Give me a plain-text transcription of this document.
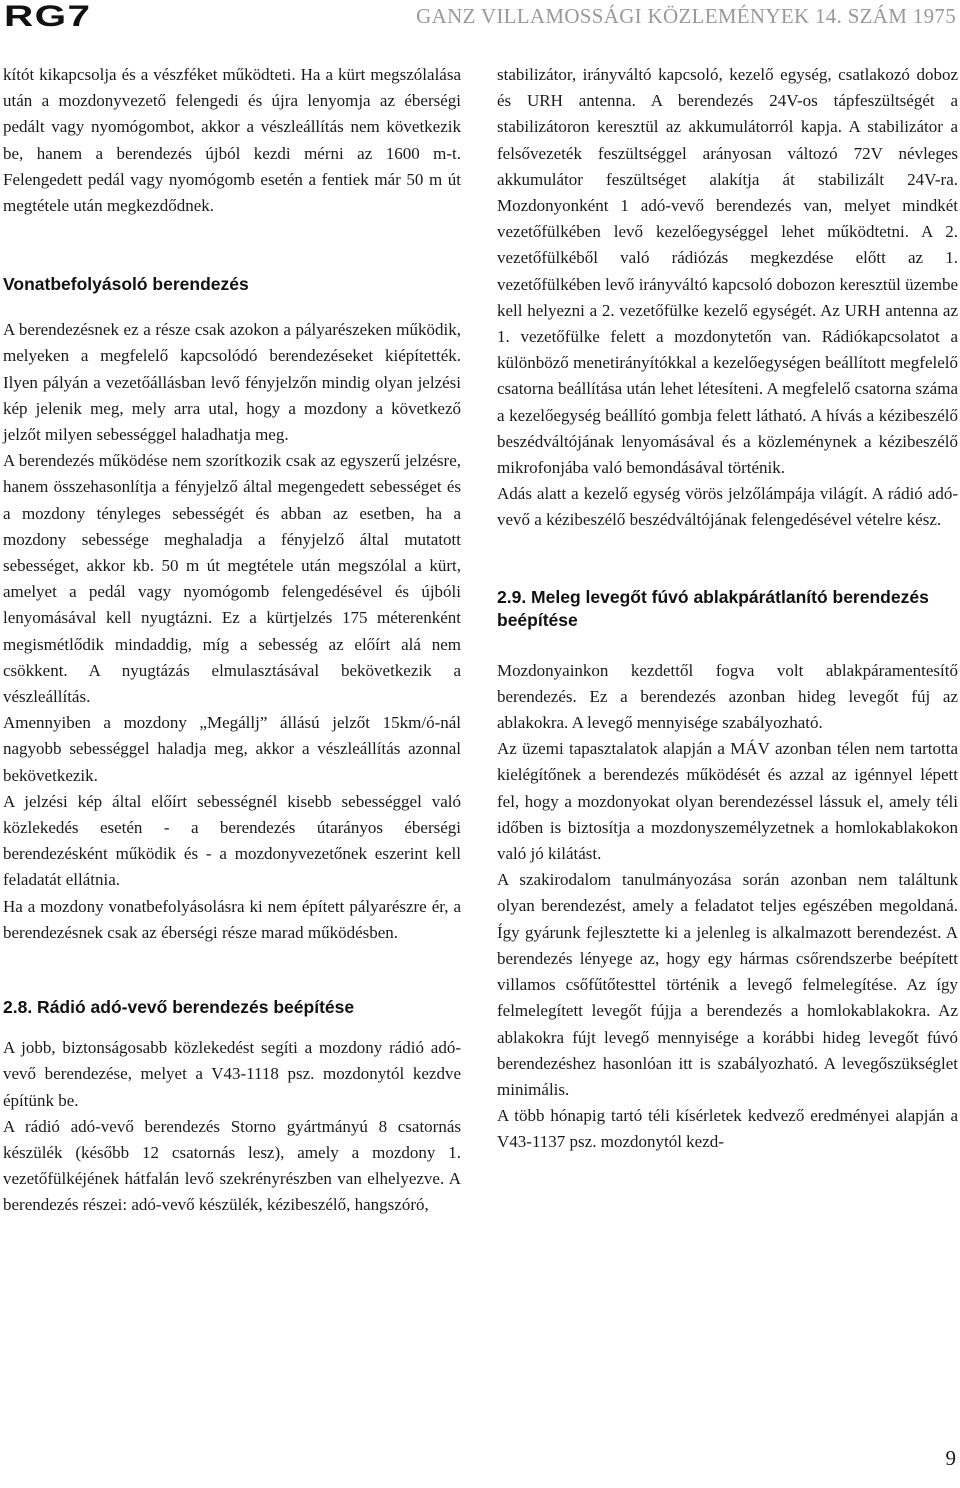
RG7	GANZ VILLAMOSSÁGI KÖZLEMÉNYEK 14. SZÁM 1975

kítót kikapcsolja és a vészféket működteti. Ha a kürt megszólalása után a mozdonyvezető felengedi és újra lenyomja az éberségi pedált vagy nyomógombot, akkor a vészleállítás nem következik be, hanem a berendezés újból kezdi mérni az 1600 m-t. Felengedett pedál vagy nyomógomb esetén a fentiek már 50 m út megtétele után megkezdődnek.

Vonatbefolyásoló berendezés

A berendezésnek ez a része csak azokon a pályarészeken működik, melyeken a megfelelő kapcsolódó berendezéseket kiépítették. Ilyen pályán a vezetőállásban levő fényjelzőn mindig olyan jelzési kép jelenik meg, mely arra utal, hogy a mozdony a következő jelzőt milyen sebességgel haladhatja meg.

A berendezés működése nem szorítkozik csak az egyszerű jelzésre, hanem összehasonlítja a fényjelző által megengedett sebességet és a mozdony tényleges sebességét és abban az esetben, ha a mozdony sebessége meghaladja a fényjelző által mutatott sebességet, akkor kb. 50 m út megtétele után megszólal a kürt, amelyet a pedál vagy nyomógomb felengedésével és újbóli lenyomásával kell nyugtázni. Ez a kürtjelzés 175 méterenként megismétlődik mindaddig, míg a sebesség az előírt alá nem csökkent. A nyugtázás elmulasztásával bekövetkezik a vészleállítás.

Amennyiben a mozdony „Megállj” állású jelzőt 15km/ó-nál nagyobb sebességgel haladja meg, akkor a vészleállítás azonnal bekövetkezik.

A jelzési kép által előírt sebességnél kisebb sebességgel való közlekedés esetén - a berendezés útarányos éberségi berendezésként működik és - a mozdonyvezetőnek eszerint kell feladatát ellátnia.

Ha a mozdony vonatbefolyásolásra ki nem épített pályarészre ér, a berendezésnek csak az éberségi része marad működésben.

2.8. Rádió adó-vevő berendezés beépítése

A jobb, biztonságosabb közlekedést segíti a mozdony rádió adó-vevő berendezése, melyet a V43-1118 psz. mozdonytól kezdve építünk be.

A rádió adó-vevő berendezés Storno gyártmányú 8 csatornás készülék (később 12 csatornás lesz), amely a mozdony 1. vezetőfülkéjének hátfalán levő szekrényrészben van elhelyezve. A berendezés részei: adó-vevő készülék, kézibeszélő, hangszóró,

stabilizátor, irányváltó kapcsoló, kezelő egység, csatlakozó doboz és URH antenna. A berendezés 24V-os tápfeszültségét a stabilizátoron keresztül az akkumulátorról kapja. A stabilizátor a felsővezeték feszültséggel arányosan változó 72V névleges akkumulátor feszültséget alakítja át stabilizált 24V-ra. Mozdonyonként 1 adó-vevő berendezés van, melyet mindkét vezetőfülkében levő kezelőegységgel lehet működtetni. A 2. vezetőfülkéből való rádiózás megkezdése előtt az 1. vezetőfülkében levő irányváltó kapcsoló dobozon keresztül üzembe kell helyezni a 2. vezetőfülke kezelő egységét. Az URH antenna az 1. vezetőfülke felett a mozdonytetőn van. Rádiókapcsolatot a különböző menetirányítókkal a kezelőegységen beállított megfelelő csatorna beállítása után lehet létesíteni. A megfelelő csatorna száma a kezelőegység beállító gombja felett látható. A hívás a kézibeszélő beszédváltójának lenyomásával és a közleménynek a kézibeszélő mikrofonjába való bemondásával történik.

Adás alatt a kezelő egység vörös jelzőlámpája világít. A rádió adó-vevő a kézibeszélő beszédváltójának felengedésével vételre kész.

2.9. Meleg levegőt fúvó ablakpárátlanító berendezés beépítése

Mozdonyainkon kezdettől fogva volt ablakpáramentesítő berendezés. Ez a berendezés azonban hideg levegőt fúj az ablakokra. A levegő mennyisége szabályozható.

Az üzemi tapasztalatok alapján a MÁV azonban télen nem tartotta kielégítőnek a berendezés működését és azzal az igénnyel lépett fel, hogy a mozdonyokat olyan berendezéssel lássuk el, amely téli időben is biztosítja a mozdonyszemélyzetnek a homlokablakokon való jó kilátást.

A szakirodalom tanulmányozása során azonban nem találtunk olyan berendezést, amely a feladatot teljes egészében megoldaná. Így gyárunk fejlesztette ki a jelenleg is alkalmazott berendezést. A berendezés lényege az, hogy egy hármas csőrendszerbe beépített villamos csőfűtőtesttel történik a levegő felmelegítése. Az így felmelegített levegőt fújja a berendezés a homlokablakokra. Az ablakokra fújt levegő mennyisége a korábbi hideg levegőt fúvó berendezéshez hasonlóan itt is szabályozható. A levegőszükséglet minimális.

A több hónapig tartó téli kísérletek kedvező eredményei alapján a V43-1137 psz. mozdonytól kezd-

9
